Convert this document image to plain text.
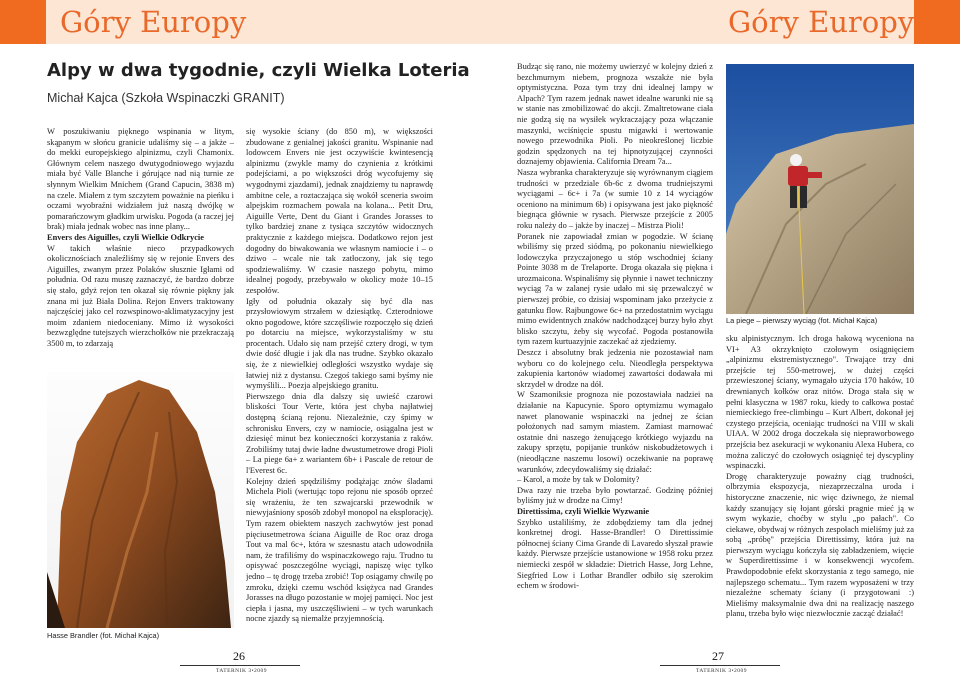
Góry Europy
Alpy w dwa tygodnie, czyli Wielka Loteria
Michał Kajca (Szkoła Wspinaczki GRANIT)

W poszukiwaniu pięknego wspinania w litym, skąpanym w słońcu granicie udaliśmy się – a jakże – do mekki europejskiego alpinizmu, czyli Chamonix. Głównym celem naszego dwutygodniowego wyjazdu miała być Valle Blanche i górujące nad nią turnie ze słynnym Wielkim Mnichem (Grand Capucin, 3838 m) na czele. Miałem z tym szczytem poważnie na pieńku i oczami wyobraźni widziałem już naszą dwójkę w pomarańczowym gładkim urwisku. Pogoda (a raczej jej brak) miała jednak wobec nas inne plany...

Envers des Aiguilles, czyli Wielkie Odkrycie

W takich właśnie nieco przypadkowych okolicznościach znaleźliśmy się w rejonie Envers des Aiguilles, zwanym przez Polaków słusznie Igłami od południa. Od razu muszę zaznaczyć, że bardzo dobrze się stało, gdyż rejon ten okazał się równie piękny jak znana mi już Biała Dolina. Rejon Envers traktowany najczęściej jako cel rozwspinowo-aklimatyzacyjny jest moim zdaniem niedoceniany. Mimo iż wysokości bezwzględne tutejszych wierzchołków nie przekraczają 3500 m, to zdarzają

się wysokie ściany (do 850 m), w większości zbudowane z genialnej jakości granitu. Wspinanie nad lodowcem Envers nie jest oczywiście kwintesencją alpinizmu (zwykle mamy do czynienia z krótkimi podejściami, a po większości dróg wycofujemy się wygodnymi zjazdami), jednak znajdziemy tu naprawdę ambitne cele, a roztaczająca się wokół sceneria swoim alpejskim rozmachem powala na kolana... Petit Dru, Aiguille Verte, Dent du Giant i Grandes Jorasses to tylko bardziej znane z tysiąca szczytów widocznych praktycznie z każdego miejsca. Dodatkowo rejon jest dogodny do biwakowania we własnym namiocie i – o dziwo – wcale nie tak zatłoczony, jak się tego spodziewaliśmy. W czasie naszego pobytu, mimo idealnej pogody, przebywało w okolicy może 10–15 zespołów.

Igły od południa okazały się być dla nas przysłowiowym strzałem w dziesiątkę. Czterodniowe okno pogodowe, które szczęśliwie rozpoczęło się dzień po dotarciu na miejsce, wykorzystaliśmy w stu procentach. Udało się nam przejść cztery drogi, w tym dwie dość długie i jak dla nas trudne. Szybko okazało się, że z niewielkiej odległości wszystko wydaje się łatwiej niż z dystansu. Czegoś takiego sami byśmy nie wymyślili... Poezja alpejskiego granitu.

Pierwszego dnia dla dalszy się uwieść czarowi bliskości Tour Verte, która jest chyba najłatwiej dostępną ścianą rejonu. Niezależnie, czy śpimy w schronisku Envers, czy w namiocie, osiągalna jest w dziesięć minut bez konieczności korzystania z raków. Zrobiliśmy tutaj dwie ładne dwustumetrowe drogi Pioli – La piege 6a+ z wariantem 6b+ i Pascale de retour de l'Everest 6c.

Kolejny dzień spędziliśmy podążając znów śladami Michela Pioli (wertując topo rejonu nie sposób oprzeć się wrażeniu, że ten szwajcarski przewodnik w niewyjaśniony sposób zdobył monopol na eksplorację). Tym razem obiektem naszych zachwytów jest ponad pięciusetmetrowa ściana Aiguille de Roc oraz droga Tout va mal 6c+, która w szesnastu atach udowodniła nam, że trafiliśmy do wspinaczkowego raju. Trudno tu opisywać poszczególne wyciągi, napiszę więc tylko jedno – tę drogę trzeba zrobić! Top osiągamy chwilę po zmroku, dzięki czemu wschód księżyca nad Grandes Jorasses na długo pozostanie w mojej pamięci. Noc jest ciepła i jasna, my uszczęśliwieni – w tych warunkach nocne zjazdy są niemalże przyjemnością.

Hasse Brandler (fot. Michał Kajca)
26
TATERNIK 3•2009
Góry Europy

Budząc się rano, nie możemy uwierzyć w kolejny dzień z bezchmurnym niebem, prognoza wszakże nie była optymistyczna. Poza tym trzy dni idealnej lampy w Alpach? Tym razem jednak nawet idealne warunki nie są w stanie nas zmobilizować do akcji. Zmaltretowane ciała nie godzą się na wysiłek wykraczający poza włączanie maszynki, wciśnięcie spustu migawki i wertowanie nowego przewodnika Pioli. Po nieokreślonej liczbie godzin spędzonych na tej hipnotyzującej czynności doznajemy objawienia. California Dream 7a...

Nasza wybranka charakteryzuje się wyrównanym ciągiem trudności w przedziale 6b-6c z dwoma trudniejszymi wyciągami – 6c+ i 7a (w sumie 10 z 14 wyciągów oceniono na minimum 6b) i opisywana jest jako piękność biegnąca głównie w rysach. Pierwsze przejście z 2005 roku należy do – jakże by inaczej – Mistrza Pioli!

Poranek nie zapowiadał zmian w pogodzie. W ścianę wbiliśmy się przed siódmą, po pokonaniu niewielkiego lodowczyka przyczajonego u stóp wschodniej ściany Pointe 3038 m de Trelaporte. Droga okazała się piękna i urozmaicona. Wspinaliśmy się płynnie i nawet techniczny wyciąg 7a w zalanej rysie udało mi się przewalczyć w pierwszej próbie, co dzisiaj wspominam jako przeżycie z gatunku flow. Rajbungowe 6c+ na przedostatnim wyciągu mimo ewidentnych znaków nadchodzącej burzy było zbyt blisko szczytu, żeby się wycofać. Pogoda postanowiła tym razem kurtuazyjnie zaczekać aż zjedziemy.

Deszcz i absolutny brak jedzenia nie pozostawiał nam wyboru co do kolejnego celu. Nieodległa perspektywa zakupienia kartonów wiadomej zawartości dodawała mi skrzydeł w drodze na dół.

W Szamoniksie prognoza nie pozostawiała nadziei na działanie na Kapucynie. Sporo optymizmu wymagało nawet planowanie wspinaczki na jednej ze ścian położonych nad samym miastem. Zamiast marnować ostatnie dni naszego żenującego krótkiego wyjazdu na zakupy sprzętu, popijanie trunków niskobudżetowych i (nieodłączne naszemu losowi) oczekiwanie na poprawę warunków, zdecydowaliśmy się działać:

– Karol, a może by tak w Dolomity?

Dwa razy nie trzeba było powtarzać. Godzinę później byliśmy już w drodze na Cimy!

Direttissima, czyli Wielkie Wyzwanie

Szybko ustaliliśmy, że zdobędziemy tam dla jednej konkretnej drogi. Hasse-Brandler! O Direttissimie północnej ściany Cima Grande di Lavaredo słyszał prawie każdy. Pierwsze przejście ustanowione w 1958 roku przez niemiecki zespół w składzie: Dietrich Hasse, Jorg Lehne, Siegfried Low i Lothar Brandler odbiło się szerokim echem w środowi-

La piege – pierwszy wyciąg (fot. Michał Kajca)

sku alpinistycznym. Ich droga hakową wyceniona na VI+ A3 okrzyknięto czołowym osiągnięciem „alpinizmu ekstremistycznego". Trwające trzy dni przejście tej 550-metrowej, w dużej części przewieszonej ściany, wymagało użycia 170 haków, 10 drewnianych kołków oraz nitów. Droga stała się w pełni klasyczna w 1987 roku, kiedy to całkowa postać niemieckiego free-climbingu – Kurt Albert, dokonał jej czystego przejścia, oceniając trudności na VIII w skali UIAA. W 2002 droga doczekała się niepraworbowego przejścia bez asekuracji w wykonaniu Alexa Hubera, co można zaliczyć do czołowych osiągnięć tej dyscypliny wspinaczki.

Drogę charakteryzuje poważny ciąg trudności, olbrzymia ekspozycja, niezaprzeczalna uroda i historyczne znaczenie, nic więc dziwnego, że niemal każdy szanujący się łojant górski pragnie mieć ją w swym wykazie, choćby w stylu „po pałach". Co ciekawe, obydwaj w różnych zespołach mieliśmy już za sobą „próbę" przejścia Direttissimy, która już na pierwszym wyciągu kończyła się zabładzeniem, więcie w Superdirettissime i w konsekwencji wycofem. Prawdopodobnie efekt skorzystania z tego samego, nie najlepszego schematu... Tym razem wyposażeni w trzy niezależne schematy ściany (i przygotowani :) Mieliśmy maksymalnie dwa dni na realizację naszego planu, trzeba było więc niezwłocznie zacząć działać!

27
TATERNIK 3•2009
